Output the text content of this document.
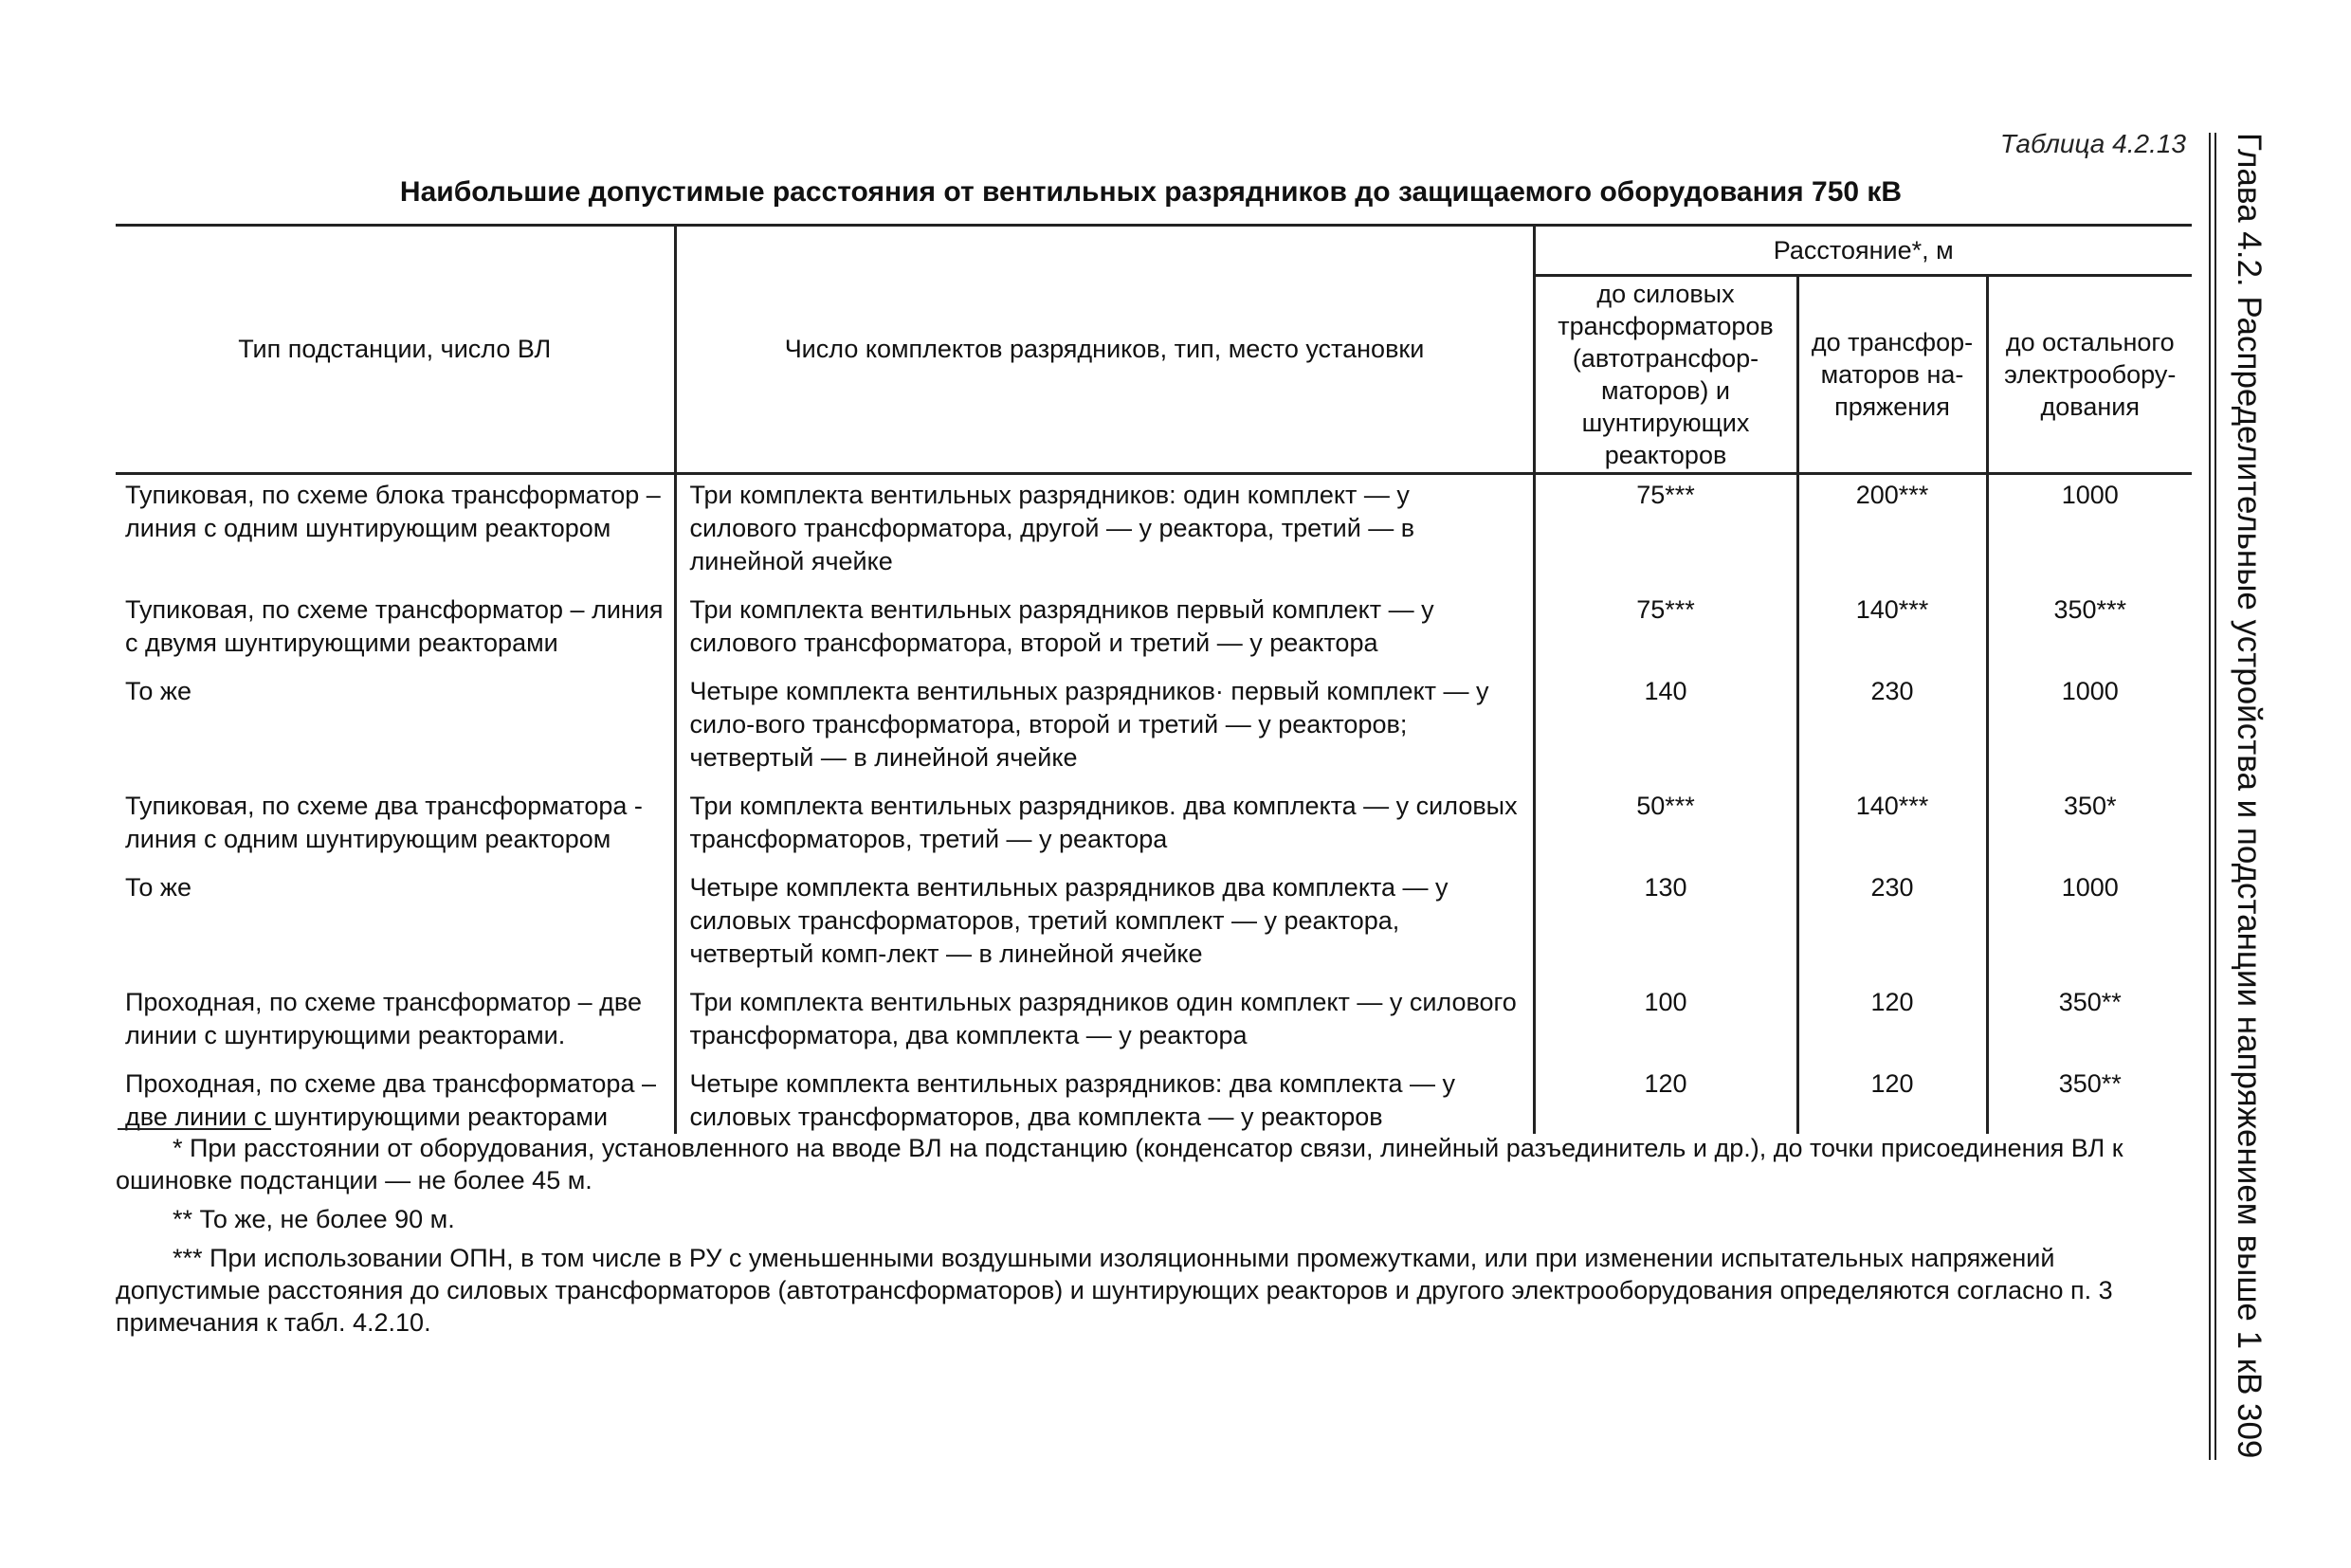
Таблица 4.2.13
Наибольшие допустимые расстояния от вентильных разрядников до защищаемого оборудования 750 кВ
Тип подстанции, число ВЛ	Число комплектов разрядников, тип, место установки	Расстояние*, м		
		до силовых трансформаторов (автотрансфор-маторов) и шунтирующих реакторов	до трансфор-маторов на-пряжения	до остального электрообору-дования
Тупиковая, по схеме блока трансформатор – линия с одним шунтирующим реактором	Три комплекта вентильных разрядников: один комплект — у силового трансформатора, другой — у реактора, третий — в линейной ячейке	75***	200***	1000
Тупиковая, по схеме трансформатор – линия с двумя шунтирующими реакторами	Три комплекта вентильных разрядников первый комплект — у силового трансформатора, второй и третий — у реактора	75***	140***	350***
То же	Четыре комплекта вентильных разрядников· первый комплект — у сило-вого трансформатора, второй и третий — у реакторов; четвертый — в линейной ячейке	140	230	1000
Тупиковая, по схеме два трансформатора - линия с одним шунтирующим реактором	Три комплекта вентильных разрядников. два комплекта — у силовых трансформаторов, третий — у реактора	50***	140***	350*
То же	Четыре комплекта вентильных разрядников два комплекта — у силовых трансформаторов, третий комплект — у реактора, четвертый комп-лект — в линейной ячейке	130	230	1000
Проходная, по схеме трансформатор – две линии с шунтирующими реакторами.	Три комплекта вентильных разрядников один комплект — у силового трансформатора, два комплекта — у реактора	100	120	350**
Проходная, по схеме два трансформатора – две линии с шунтирующими реакторами	Четыре комплекта вентильных разрядников: два комплекта — у силовых трансформаторов, два комплекта — у реакторов	120	120	350**

* При расстоянии от оборудования, установленного на вводе ВЛ на подстанцию (конденсатор связи, линейный разъединитель и др.), до точки присоединения ВЛ к ошиновке подстанции — не более 45 м.

** То же, не более 90 м.

*** При использовании ОПН, в том числе в РУ с уменьшенными воздушными изоляционными промежутками, или при изменении испытательных напряжений допустимые расстояния до силовых трансформаторов (автотрансформаторов) и шунтирующих реакторов и другого электрооборудования определяются согласно п. 3 примечания к табл. 4.2.10.	Глава 4.2. Распределительные устройства и подстанции напряжением выше 1 кВ
309
